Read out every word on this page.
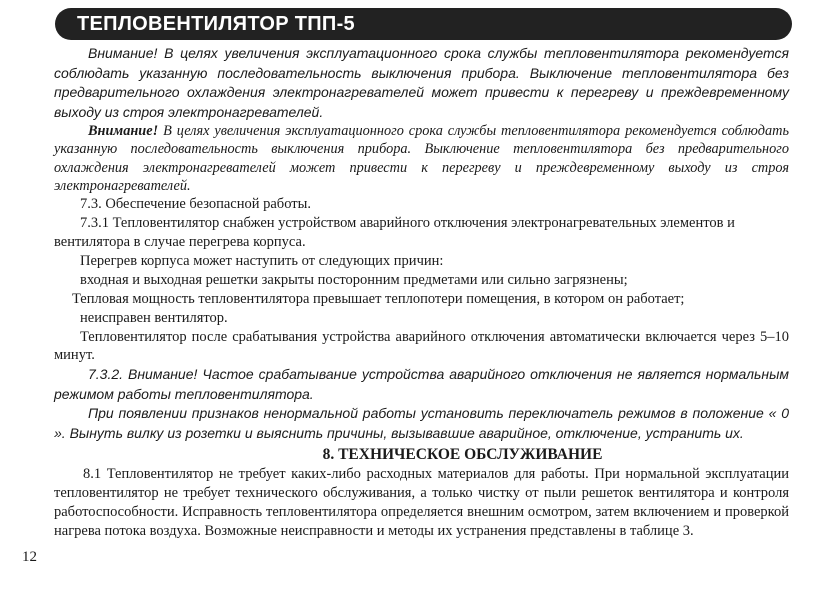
ТЕПЛОВЕНТИЛЯТОР ТПП-5

Внимание! В целях увеличения эксплуатационного срока службы тепловентилятора рекомендуется соблюдать указанную последовательность выключения прибора. Выключение тепловентилятора без предварительного охлаждения электронагревателей может привести к перегреву и преждевременному выходу из строя электронагревателей.

Внимание! В целях увеличения эксплуатационного срока службы тепловентилятора рекомендуется соблюдать указанную последовательность выключения прибора. Выключение тепловентилятора без предварительного охлаждения электронагревателей может привести к перегреву и преждевременному выходу из строя электронагревателей.

7.3. Обеспечение безопасной работы.

7.3.1 Тепловентилятор снабжен устройством аварийного отключения электронагревательных элементов и вентилятора в случае перегрева корпуса.

Перегрев корпуса может наступить от следующих причин:

входная и выходная решетки закрыты посторонним предметами или сильно загрязнены;

Тепловая мощность тепловентилятора превышает теплопотери помещения, в котором он работает;

неисправен вентилятор.

Тепловентилятор после срабатывания устройства аварийного отключения автоматически включается через 5–10 минут.

7.3.2. Внимание! Частое срабатывание устройства аварийного отключения не является нормальным режимом работы тепловентилятора.

При появлении признаков ненормальной работы установить переключатель режимов в положение « 0 ». Вынуть вилку из розетки и выяснить причины, вызывавшие аварийное, отключение, устранить их.

8. ТЕХНИЧЕСКОЕ ОБСЛУЖИВАНИЕ

8.1 Тепловентилятор не требует каких-либо расходных материалов для работы. При нормальной эксплуатации тепловентилятор не требует технического обслуживания, а только чистку от пыли решеток вентилятора и контроля работоспособности. Исправность тепловентилятора определяется внешним осмотром, затем включением и проверкой нагрева потока воздуха. Возможные неисправности и методы их устранения представлены в таблице 3.

12
